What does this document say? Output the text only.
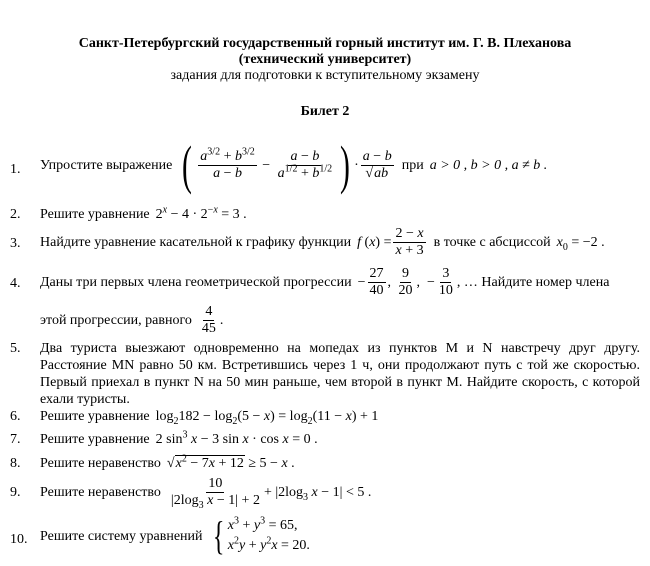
Санкт-Петербургский государственный горный институт им. Г. В. Плеханова
(технический университет)
задания для подготовки к вступительному экзамену
Билет 2
1.	Упростите выражение ( $\frac{a^{3/2} + b^{3/2}}{a - b} - \frac{a - b}{a^{1/2} + b^{1/2}}$ ) · $\frac{a - b}{√ab}$ при a > 0 , b > 0 , a ≠ b .
2.	Решите уравнение $2^x - 4 \cdot 2^{-x} = 3$ .
3.	Найдите уравнение касательной к графику функции f ( x ) = $\frac{2 - x}{x + 3}$ в точке с абсциссой $x_0 = -2$ .
4.	Даны три первых члена геометрической прогрессии − $\frac{27}{40}$ , $\frac{9}{20}$ ,  − $\frac{3}{10}$ , … Найдите номер члена
этой прогрессии, равного $\frac{4}{45}$ .
5.	Два туриста выезжают одновременно на мопедах из пунктов M и N навстречу друг другу. Расстояние MN равно 50 км. Встретившись через 1 ч, они продолжают путь с той же скоростью. Первый приехал в пункт N на 50 мин раньше, чем второй в пункт M. Найдите скорость, с которой ехали туристы.
6.	Решите уравнение $\log_2182 - \log_2(5 - x) = \log_2(11 - x) + 1$
7.	Решите уравнение 2 $\sin^3 x - 3$ sin x · cos x = 0 .
8.	Решите неравенство $√x^2 - 7x + 12 \ge 5 - x$ .
9.	Решите неравенство $\frac{10}{|2\log_3 x - 1| + 2} + |2\log_3$ x − 1| < 5 .
10. Решите систему уравнений { $x^3 + y^3 = 65$,
$x^2y + y^2x = 20$.
